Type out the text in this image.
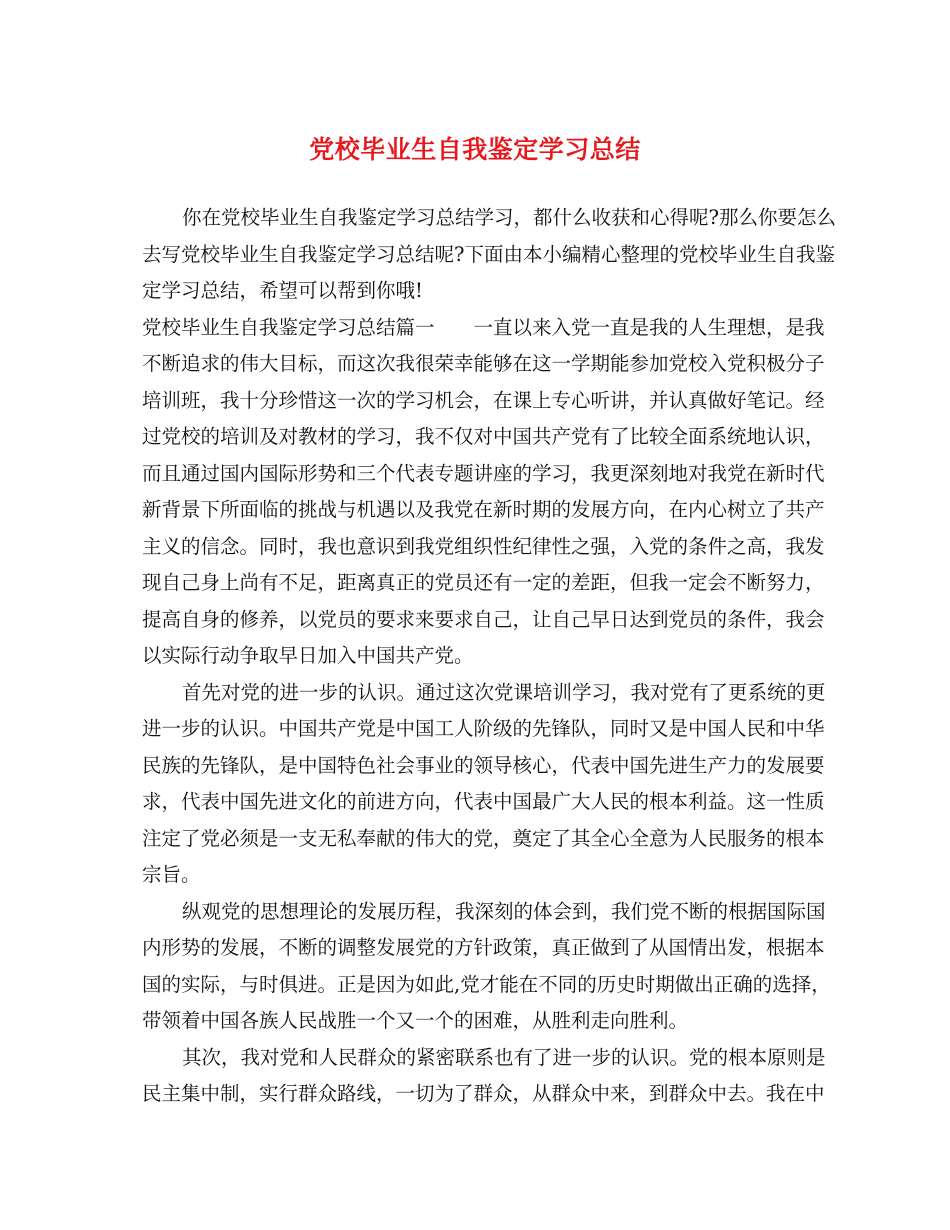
党校毕业生自我鉴定学习总结
你在党校毕业生自我鉴定学习总结学习，都什么收获和心得呢?那么你要怎么
去写党校毕业生自我鉴定学习总结呢?下面由本小编精心整理的党校毕业生自我鉴
定学习总结，希望可以帮到你哦!
党校毕业生自我鉴定学习总结篇一　　一直以来入党一直是我的人生理想，是我
不断追求的伟大目标，而这次我很荣幸能够在这一学期能参加党校入党积极分子
培训班，我十分珍惜这一次的学习机会，在课上专心听讲，并认真做好笔记。经
过党校的培训及对教材的学习，我不仅对中国共产党有了比较全面系统地认识，
而且通过国内国际形势和三个代表专题讲座的学习，我更深刻地对我党在新时代
新背景下所面临的挑战与机遇以及我党在新时期的发展方向，在内心树立了共产
主义的信念。同时，我也意识到我党组织性纪律性之强，入党的条件之高，我发
现自己身上尚有不足，距离真正的党员还有一定的差距，但我一定会不断努力，
提高自身的修养，以党员的要求来要求自己，让自己早日达到党员的条件，我会
以实际行动争取早日加入中国共产党。
首先对党的进一步的认识。通过这次党课培训学习，我对党有了更系统的更
进一步的认识。中国共产党是中国工人阶级的先锋队，同时又是中国人民和中华
民族的先锋队，是中国特色社会事业的领导核心，代表中国先进生产力的发展要
求，代表中国先进文化的前进方向，代表中国最广大人民的根本利益。这一性质
注定了党必须是一支无私奉献的伟大的党，奠定了其全心全意为人民服务的根本
宗旨。
纵观党的思想理论的发展历程，我深刻的体会到，我们党不断的根据国际国
内形势的发展，不断的调整发展党的方针政策，真正做到了从国情出发，根据本
国的实际，与时俱进。正是因为如此,党才能在不同的历史时期做出正确的选择，
带领着中国各族人民战胜一个又一个的困难，从胜利走向胜利。
其次，我对党和人民群众的紧密联系也有了进一步的认识。党的根本原则是
民主集中制，实行群众路线，一切为了群众，从群众中来，到群众中去。我在中
